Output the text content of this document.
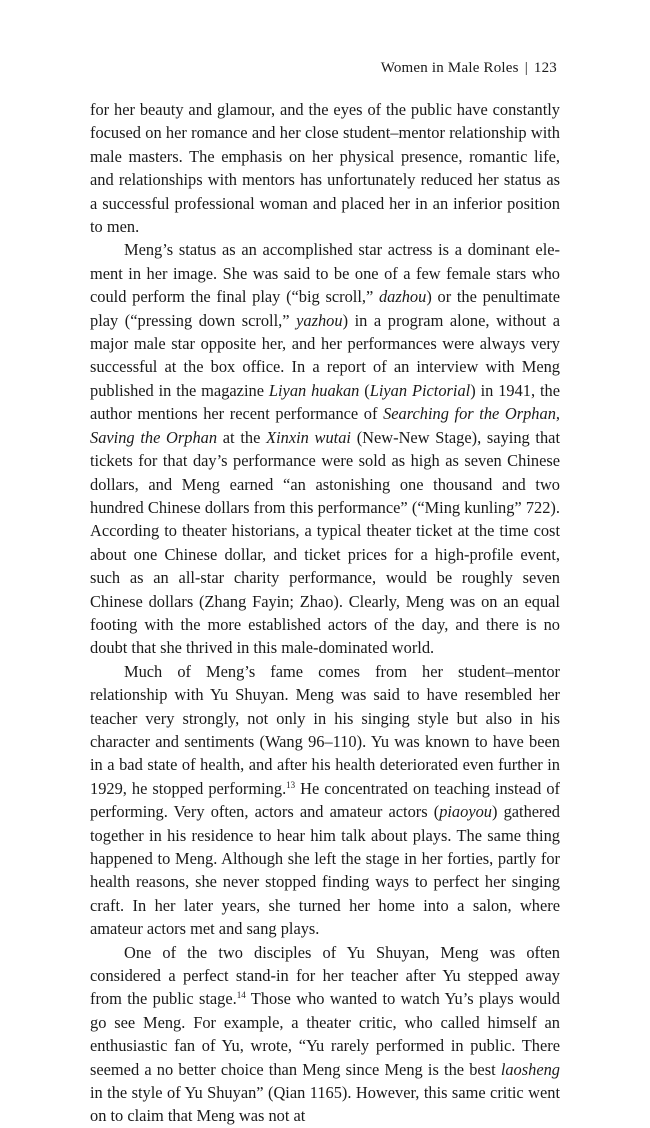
Women in Male Roles | 123

for her beauty and glamour, and the eyes of the public have constantly focused on her romance and her close student–mentor relationship with male masters. The emphasis on her physical presence, romantic life, and relationships with mentors has unfortunately reduced her status as a successful professional woman and placed her in an inferior position to men.

Meng’s status as an accomplished star actress is a dominant element in her image. She was said to be one of a few female stars who could perform the final play (“big scroll,” dazhou) or the penultimate play (“pressing down scroll,” yazhou) in a program alone, without a major male star opposite her, and her performances were always very successful at the box office. In a report of an interview with Meng published in the magazine Liyan huakan (Liyan Pictorial) in 1941, the author mentions her recent performance of Searching for the Orphan, Saving the Orphan at the Xinxin wutai (New-New Stage), saying that tickets for that day’s performance were sold as high as seven Chinese dollars, and Meng earned “an astonishing one thousand and two hundred Chinese dollars from this performance” (“Ming kunling” 722). According to theater historians, a typical theater ticket at the time cost about one Chinese dollar, and ticket prices for a high-profile event, such as an all-star charity performance, would be roughly seven Chinese dollars (Zhang Fayin; Zhao). Clearly, Meng was on an equal footing with the more established actors of the day, and there is no doubt that she thrived in this male-dominated world.

Much of Meng’s fame comes from her student–mentor relationship with Yu Shuyan. Meng was said to have resembled her teacher very strongly, not only in his singing style but also in his character and sentiments (Wang 96–110). Yu was known to have been in a bad state of health, and after his health deteriorated even further in 1929, he stopped performing.$^{13}$ He concentrated on teaching instead of performing. Very often, actors and amateur actors (piaoyou) gathered together in his residence to hear him talk about plays. The same thing happened to Meng. Although she left the stage in her forties, partly for health reasons, she never stopped finding ways to perfect her singing craft. In her later years, she turned her home into a salon, where amateur actors met and sang plays.

One of the two disciples of Yu Shuyan, Meng was often considered a perfect stand-in for her teacher after Yu stepped away from the public stage.$^{14}$ Those who wanted to watch Yu’s plays would go see Meng. For example, a theater critic, who called himself an enthusiastic fan of Yu, wrote, “Yu rarely performed in public. There seemed a no better choice than Meng since Meng is the best laosheng in the style of Yu Shuyan” (Qian 1165). However, this same critic went on to claim that Meng was not at
